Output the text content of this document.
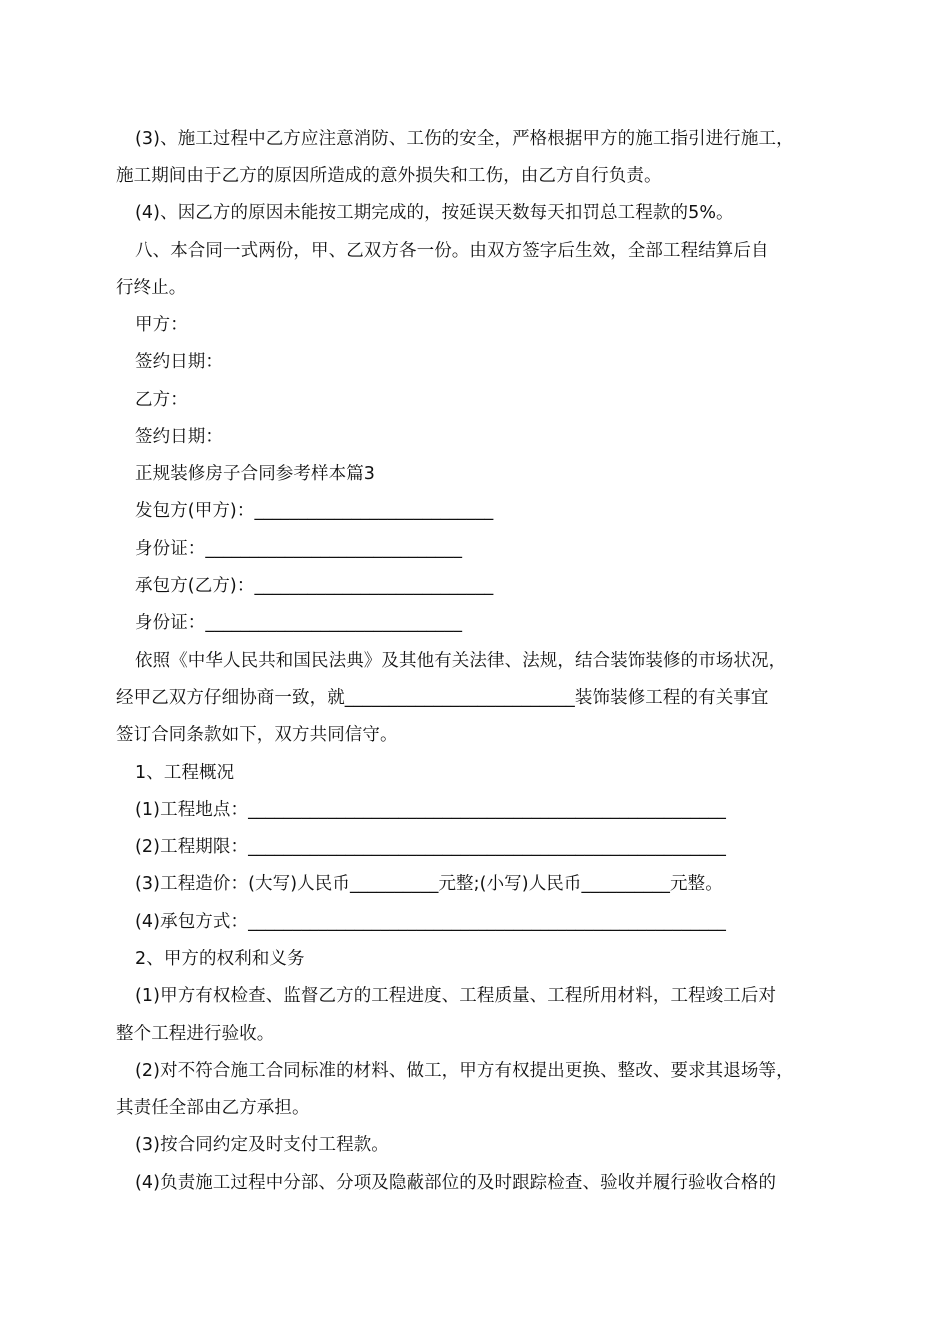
(3)、施工过程中乙方应注意消防、工伤的安全，严格根据甲方的施工指引进行施工，
施工期间由于乙方的原因所造成的意外损失和工伤，由乙方自行负责。
(4)、因乙方的原因未能按工期完成的，按延误天数每天扣罚总工程款的5%。
八、本合同一式两份，甲、乙双方各一份。由双方签字后生效，全部工程结算后自
行终止。
甲方：
签约日期：
乙方：
签约日期：
正规装修房子合同参考样本篇3
发包方(甲方)：___________________________
身份证：_____________________________
承包方(乙方)：___________________________
身份证：_____________________________
依照《中华人民共和国民法典》及其他有关法律、法规，结合装饰装修的市场状况，
经甲乙双方仔细协商一致，就__________________________装饰装修工程的有关事宜
签订合同条款如下，双方共同信守。
1、工程概况
(1)工程地点：______________________________________________________
(2)工程期限：______________________________________________________
(3)工程造价：(大写)人民币__________元整;(小写)人民币__________元整。
(4)承包方式：______________________________________________________
2、甲方的权利和义务
(1)甲方有权检查、监督乙方的工程进度、工程质量、工程所用材料，工程竣工后对
整个工程进行验收。
(2)对不符合施工合同标准的材料、做工，甲方有权提出更换、整改、要求其退场等，
其责任全部由乙方承担。
(3)按合同约定及时支付工程款。
(4)负责施工过程中分部、分项及隐蔽部位的及时跟踪检查、验收并履行验收合格的
